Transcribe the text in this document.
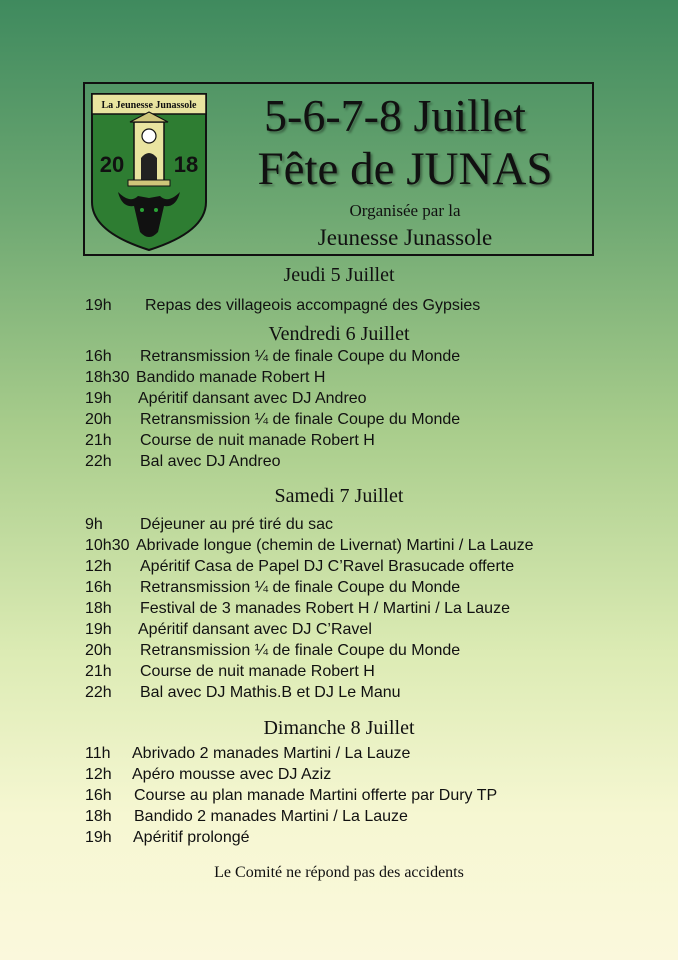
La Jeunesse Junassole
20 18
5-6-7-8 Juillet
Fête de JUNAS
Organisée par la
Jeunesse Junassole
Jeudi 5 Juillet
19h Repas des villageois accompagné des Gypsies
Vendredi 6 Juillet
16h Retransmission ¼ de finale Coupe du Monde
18h30 Bandido manade Robert H
19h Apéritif dansant avec DJ Andreo
20h Retransmission ¼ de finale Coupe du Monde
21h Course de nuit manade Robert H
22h Bal avec DJ Andreo
Samedi 7 Juillet
9h Déjeuner au pré tiré du sac
10h30 Abrivade longue (chemin de Livernat) Martini / La Lauze
12h Apéritif Casa de Papel DJ C’Ravel Brasucade offerte
16h Retransmission ¼ de finale Coupe du Monde
18h Festival de 3 manades Robert H / Martini / La Lauze
19h Apéritif dansant avec DJ C’Ravel
20h Retransmission ¼ de finale Coupe du Monde
21h Course de nuit manade Robert H
22h Bal avec DJ Mathis.B et DJ Le Manu
Dimanche 8 Juillet
11h Abrivado 2 manades Martini / La Lauze
12h Apéro mousse avec DJ Aziz
16h Course au plan manade Martini offerte par Dury TP
18h Bandido 2 manades Martini / La Lauze
19h Apéritif prolongé
Le Comité ne répond pas des accidents
